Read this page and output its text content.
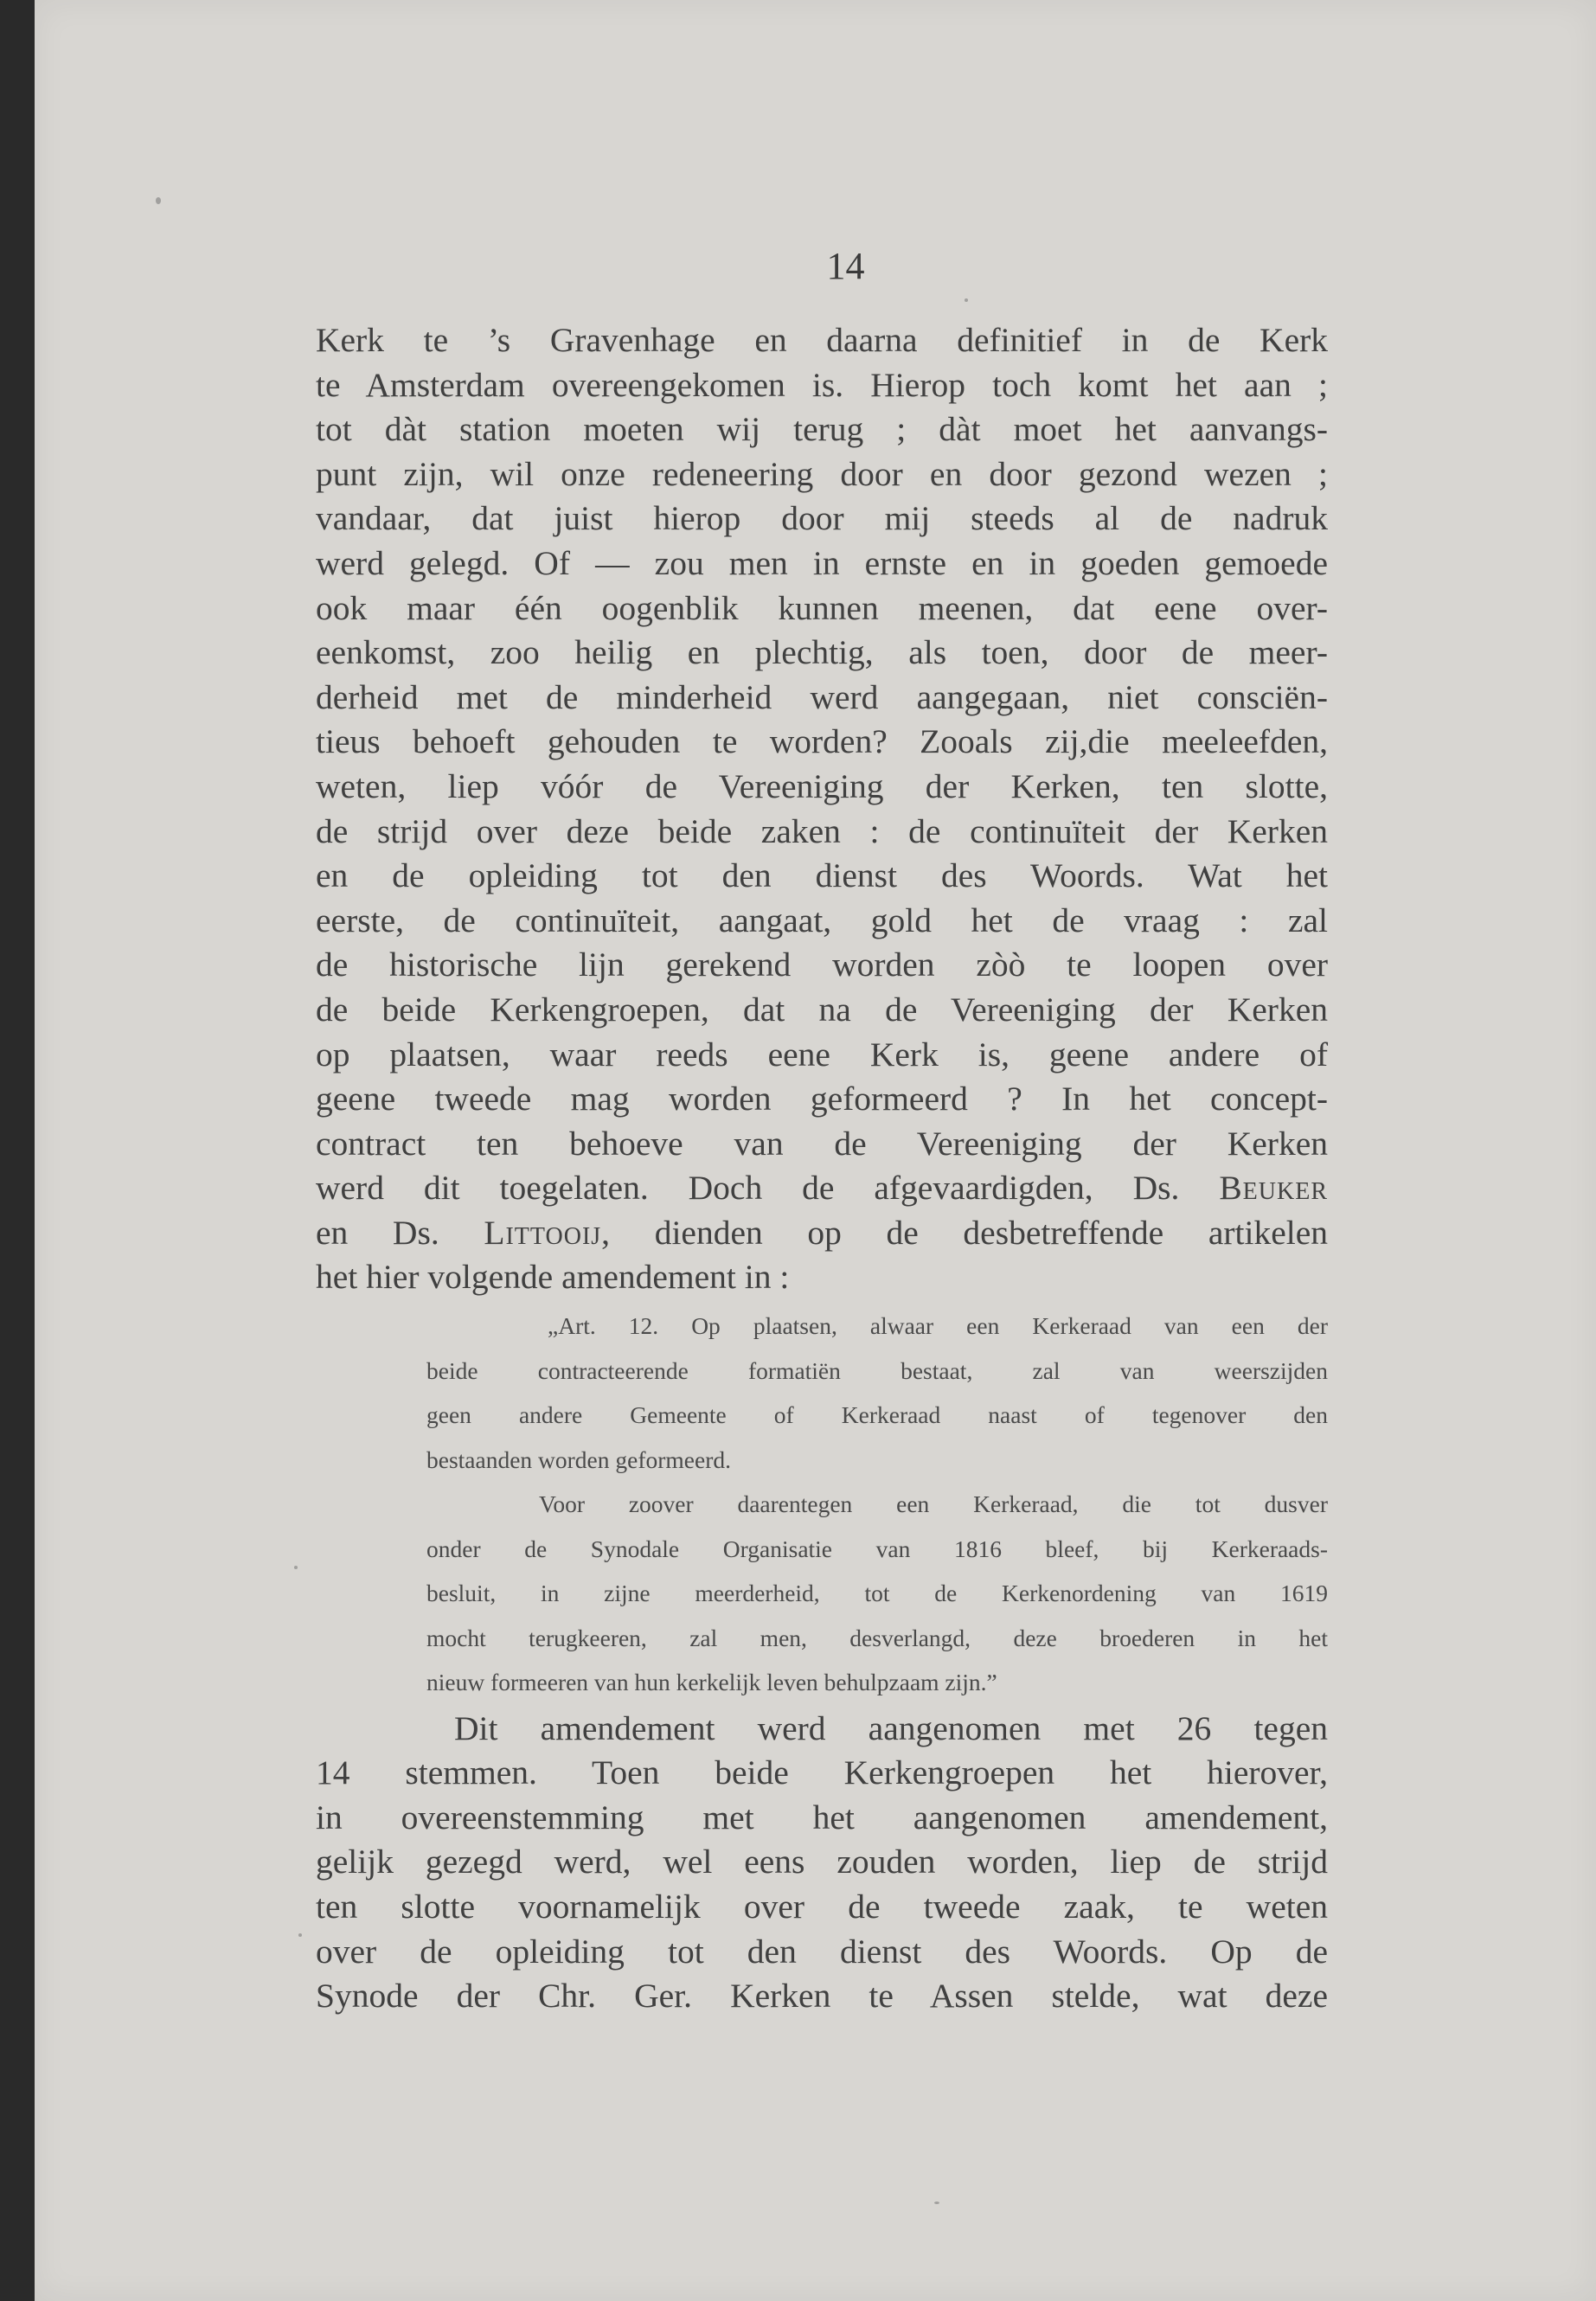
14
Kerk te ’s Gravenhage en daarna definitief in de Kerk
te Amsterdam overeengekomen is. Hierop toch komt het aan ;
tot dàt station moeten wij terug ; dàt moet het aanvangs-
punt zijn, wil onze redeneering door en door gezond wezen ;
vandaar, dat juist hierop door mij steeds al de nadruk
werd gelegd. Of — zou men in ernste en in goeden gemoede
ook maar één oogenblik kunnen meenen, dat eene over-
eenkomst, zoo heilig en plechtig, als toen, door de meer-
derheid met de minderheid werd aangegaan, niet consciën-
tieus behoeft gehouden te worden? Zooals zij,die meeleefden,
weten, liep vóór de Vereeniging der Kerken, ten slotte,
de strijd over deze beide zaken : de continuïteit der Kerken
en de opleiding tot den dienst des Woords. Wat het
eerste, de continuïteit, aangaat, gold het de vraag : zal
de historische lijn gerekend worden zòò te loopen over
de beide Kerkengroepen, dat na de Vereeniging der Kerken
op plaatsen, waar reeds eene Kerk is, geene andere of
geene tweede mag worden geformeerd ? In het concept-
contract ten behoeve van de Vereeniging der Kerken
werd dit toegelaten. Doch de afgevaardigden, Ds. Beuker
en Ds. Littooij, dienden op de desbetreffende artikelen
het hier volgende amendement in :
„Art. 12. Op plaatsen, alwaar een Kerkeraad van een der
beide contracteerende formatiën bestaat, zal van weerszijden
geen andere Gemeente of Kerkeraad naast of tegenover den
bestaanden worden geformeerd.
Voor zoover daarentegen een Kerkeraad, die tot dusver
onder de Synodale Organisatie van 1816 bleef, bij Kerkeraads-
besluit, in zijne meerderheid, tot de Kerkenordening van 1619
mocht terugkeeren, zal men, desverlangd, deze broederen in het
nieuw formeeren van hun kerkelijk leven behulpzaam zijn.”
Dit amendement werd aangenomen met 26 tegen
14 stemmen. Toen beide Kerkengroepen het hierover,
in overeenstemming met het aangenomen amendement,
gelijk gezegd werd, wel eens zouden worden, liep de strijd
ten slotte voornamelijk over de tweede zaak, te weten
over de opleiding tot den dienst des Woords. Op de
Synode der Chr. Ger. Kerken te Assen stelde, wat deze
